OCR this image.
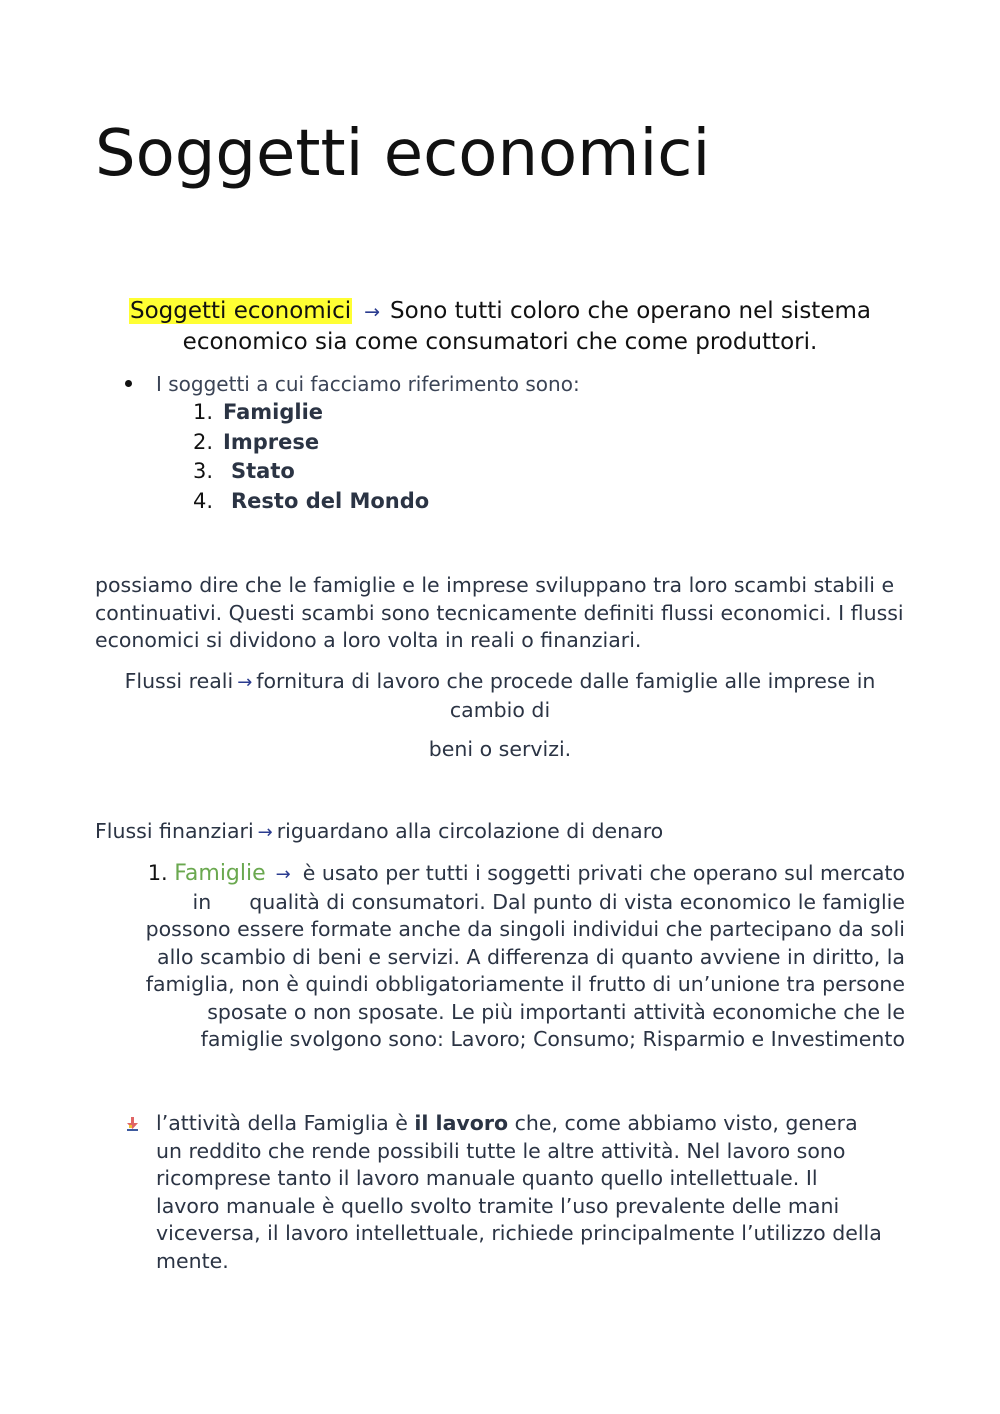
Soggetti economici
Soggetti economici → Sono tutti coloro che operano nel sistema economico sia come consumatori che come produttori.
I soggetti a cui facciamo riferimento sono:
1. Famiglie
2. Imprese
3. Stato
4. Resto del Mondo

possiamo dire che le famiglie e le imprese sviluppano tra loro scambi stabili e continuativi. Questi scambi sono tecnicamente definiti flussi economici. I flussi economici si dividono a loro volta in reali o finanziari.

Flussi reali → fornitura di lavoro che procede dalle famiglie alle imprese in cambio di
beni o servizi.
Flussi finanziari → riguardano alla circolazione di denaro
1. Famiglie → è usato per tutti i soggetti privati che operano sul mercato in qualità di consumatori. Dal punto di vista economico le famiglie possono essere formate anche da singoli individui che partecipano da soli allo scambio di beni e servizi. A differenza di quanto avviene in diritto, la famiglia, non è quindi obbligatoriamente il frutto di un’unione tra persone sposate o non sposate. Le più importanti attività economiche che le famiglie svolgono sono: Lavoro; Consumo; Risparmio e Investimento
l’attività della Famiglia è il lavoro che, come abbiamo visto, genera un reddito che rende possibili tutte le altre attività. Nel lavoro sono ricomprese tanto il lavoro manuale quanto quello intellettuale. Il lavoro manuale è quello svolto tramite l’uso prevalente delle mani viceversa, il lavoro intellettuale, richiede principalmente l’utilizzo della mente.
